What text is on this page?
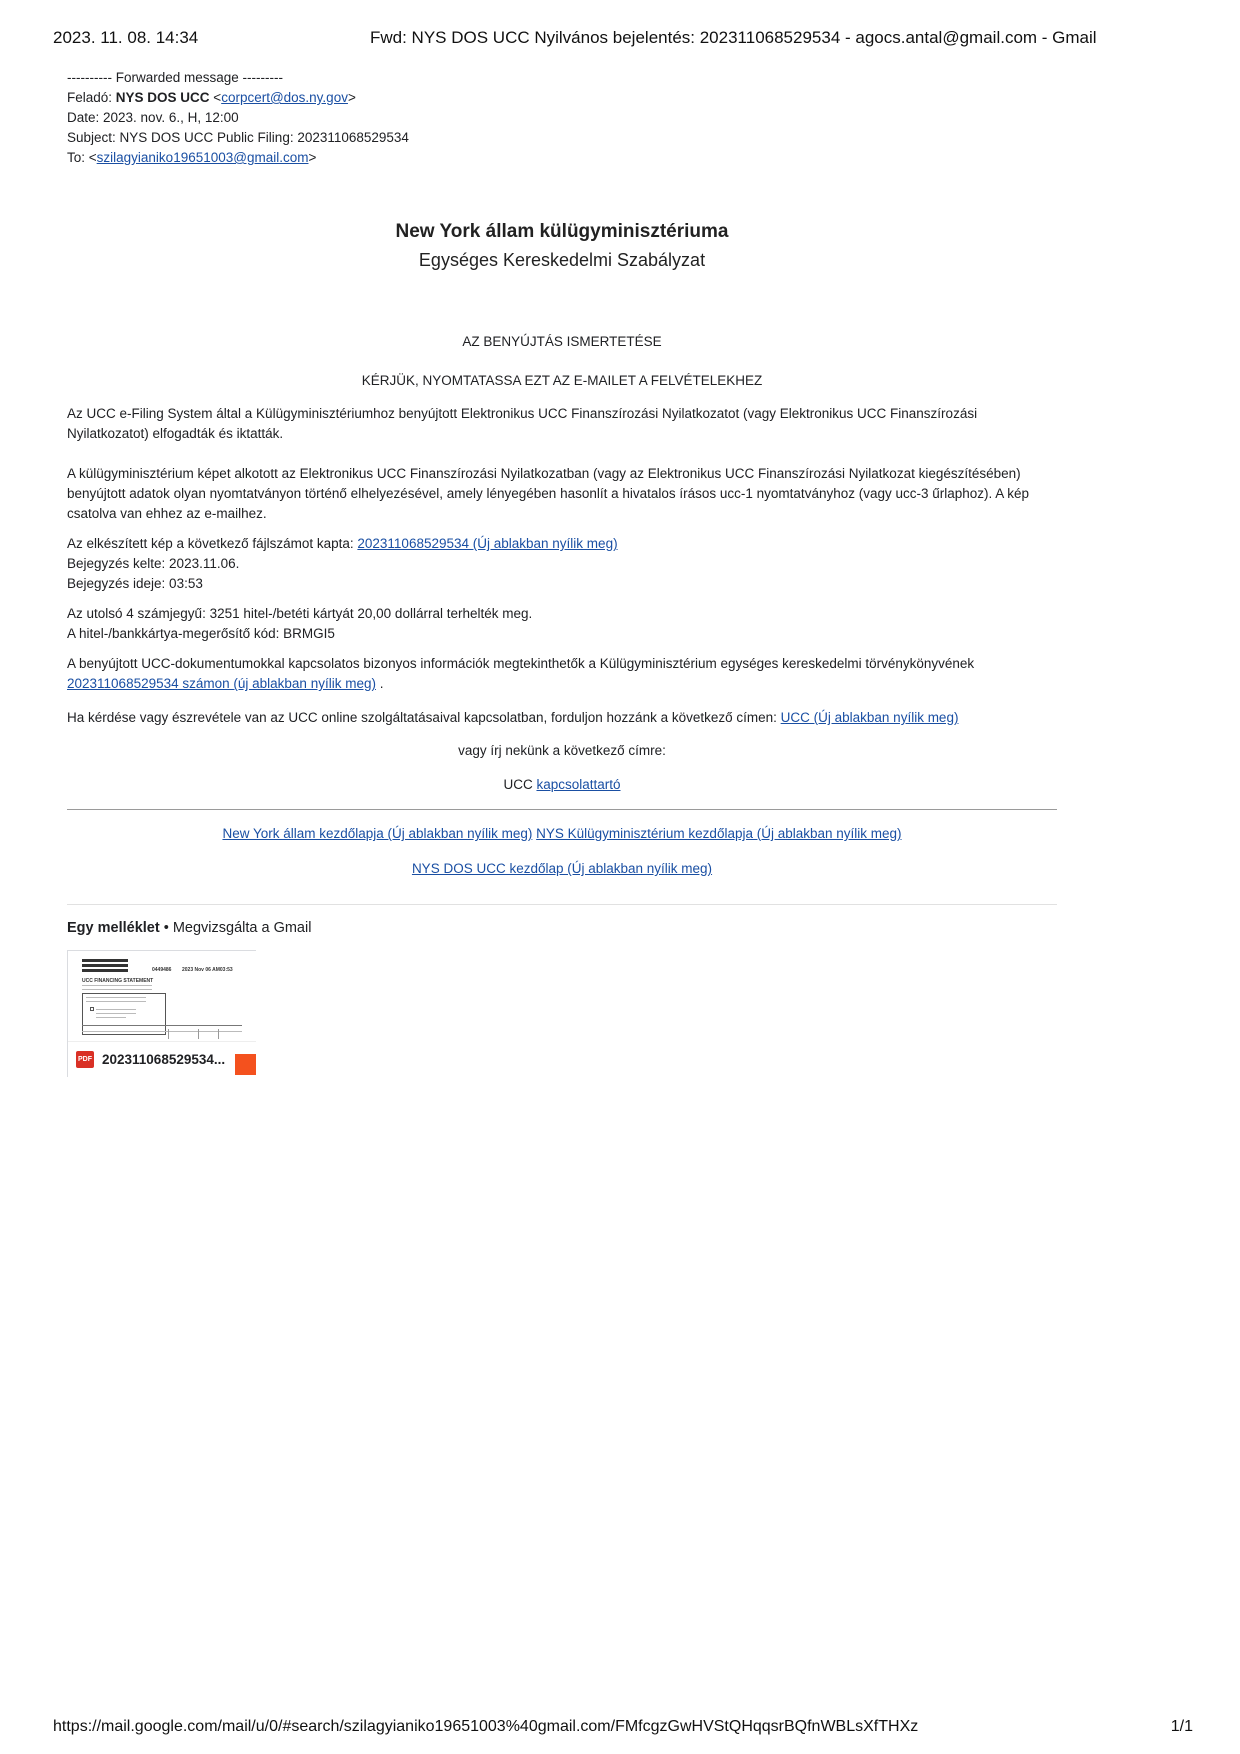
2023. 11. 08. 14:34	Fwd: NYS DOS UCC Nyilvános bejelentés: 202311068529534 - agocs.antal@gmail.com - Gmail
---------- Forwarded message ---------
Feladó: NYS DOS UCC <corpcert@dos.ny.gov>
Date: 2023. nov. 6., H, 12:00
Subject: NYS DOS UCC Public Filing: 202311068529534
To: <szilagyianiko19651003@gmail.com>
New York állam külügyminisztériuma
Egységes Kereskedelmi Szabályzat
AZ BENYÚJTÁS ISMERTETÉSE
KÉRJÜK, NYOMTATASSA EZT AZ E-MAILET A FELVÉTELEKHEZ

Az UCC e-Filing System által a Külügyminisztériumhoz benyújtott Elektronikus UCC Finanszírozási Nyilatkozatot (vagy Elektronikus UCC Finanszírozási Nyilatkozatot) elfogadták és iktatták.

A külügyminisztérium képet alkotott az Elektronikus UCC Finanszírozási Nyilatkozatban (vagy az Elektronikus UCC Finanszírozási Nyilatkozat kiegészítésében) benyújtott adatok olyan nyomtatványon történő elhelyezésével, amely lényegében hasonlít a hivatalos írásos ucc-1 nyomtatványhoz (vagy ucc-3 űrlaphoz). A kép csatolva van ehhez az e-mailhez.

Az elkészített kép a következő fájlszámot kapta: 202311068529534 (Új ablakban nyílik meg)
Bejegyzés kelte: 2023.11.06.
Bejegyzés ideje: 03:53

Az utolsó 4 számjegyű: 3251 hitel-/betéti kártyát 20,00 dollárral terhelték meg.
A hitel-/bankkártya-megerősítő kód: BRMGI5

A benyújtott UCC-dokumentumokkal kapcsolatos bizonyos információk megtekinthetők a Külügyminisztérium egységes kereskedelmi törvénykönyvének 202311068529534 számon (új ablakban nyílik meg) .

Ha kérdése vagy észrevétele van az UCC online szolgáltatásaival kapcsolatban, forduljon hozzánk a következő címen: UCC (Új ablakban nyílik meg)

vagy írj nekünk a következő címre:

UCC kapcsolattartó

New York állam kezdőlapja (Új ablakban nyílik meg) NYS Külügyminisztérium kezdőlapja (Új ablakban nyílik meg)
NYS DOS UCC kezdőlap (Új ablakban nyílik meg)
Egy melléklet • Megvizsgálta a Gmail
0449486 2023 Nov 06 AM03:53
UCC FINANCING STATEMENT
PDF 202311068529534...
https://mail.google.com/mail/u/0/#search/szilagyianiko19651003%40gmail.com/FMfcgzGwHVStQHqqsrBQfnWBLsXfTHXz	1/1
